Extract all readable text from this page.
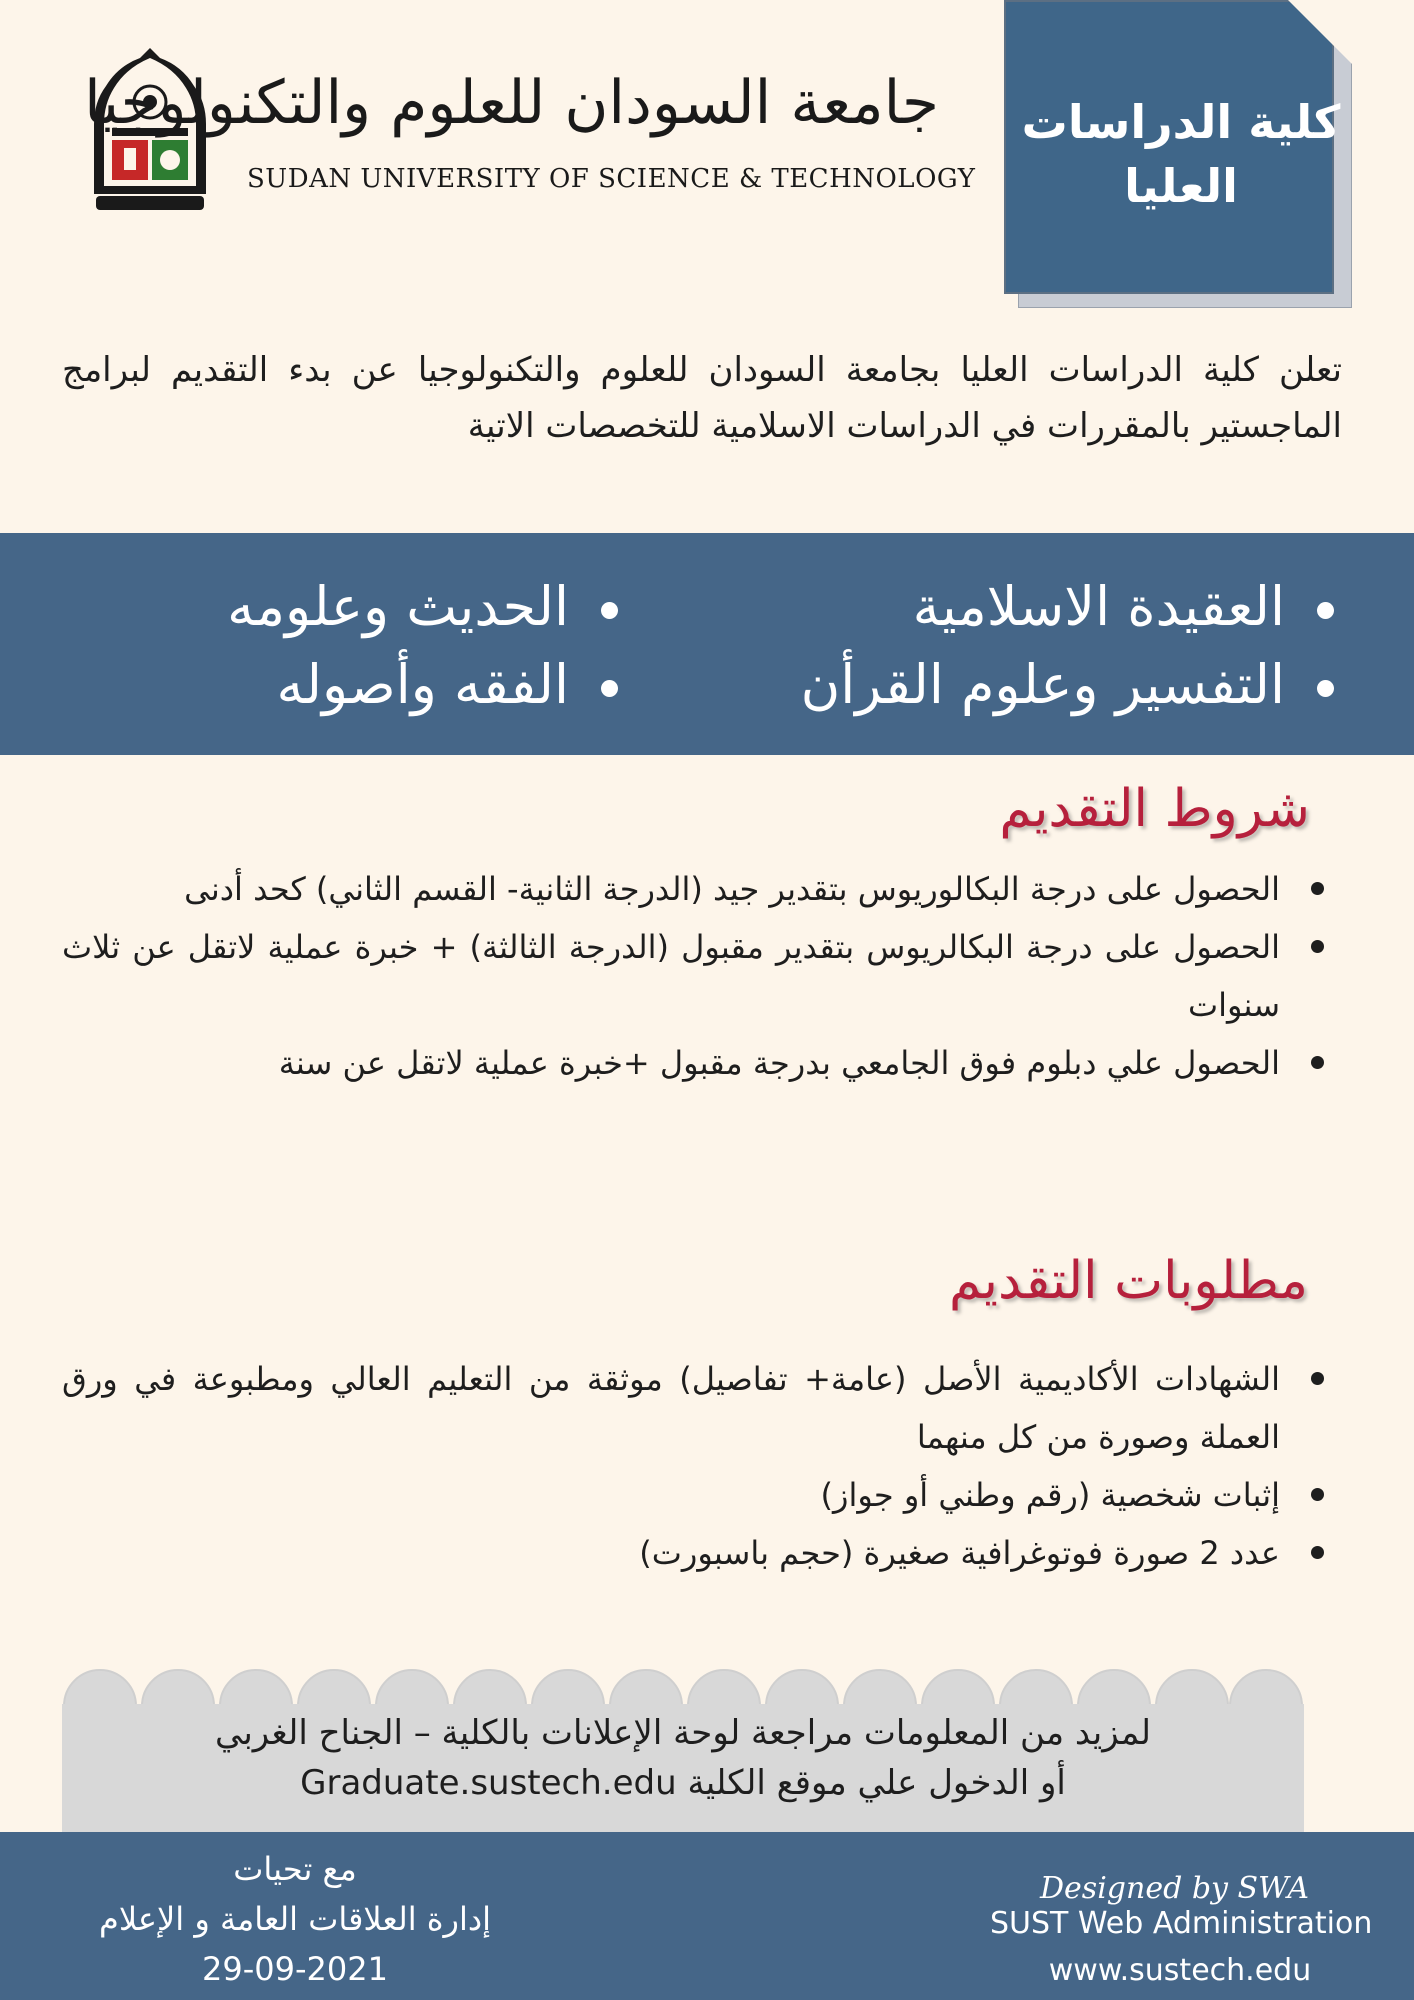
جامعة السودان للعلوم والتكنولوجيا
SUDAN UNIVERSITY OF SCIENCE & TECHNOLOGY
كلية الدراسات
العليا
تعلن كلية الدراسات العليا بجامعة السودان للعلوم والتكنولوجيا عن بدء التقديم لبرامج الماجستير بالمقررات في الدراسات الاسلامية للتخصصات الاتية
العقيدة الاسلامية
التفسير وعلوم القرأن
الحديث وعلومه
الفقه وأصوله
شروط التقديم
الحصول على درجة البكالوريوس بتقدير جيد (الدرجة الثانية- القسم الثاني) كحد أدنى
الحصول على درجة البكالريوس بتقدير مقبول (الدرجة الثالثة) + خبرة عملية لاتقل عن ثلاث سنوات
الحصول علي دبلوم فوق الجامعي بدرجة مقبول +خبرة عملية لاتقل عن سنة
مطلوبات التقديم
الشهادات الأكاديمية الأصل (عامة+ تفاصيل) موثقة من التعليم العالي ومطبوعة في ورق العملة وصورة من كل منهما
إثبات شخصية (رقم وطني أو جواز)
عدد 2 صورة فوتوغرافية صغيرة (حجم باسبورت)
لمزيد من المعلومات مراجعة لوحة الإعلانات بالكلية – الجناح الغربي
أو الدخول علي موقع الكلية Graduate.sustech.edu
مع تحيات
إدارة العلاقات العامة و الإعلام
29-09-2021
Designed by SWA
SUST Web Administration
www.sustech.edu
